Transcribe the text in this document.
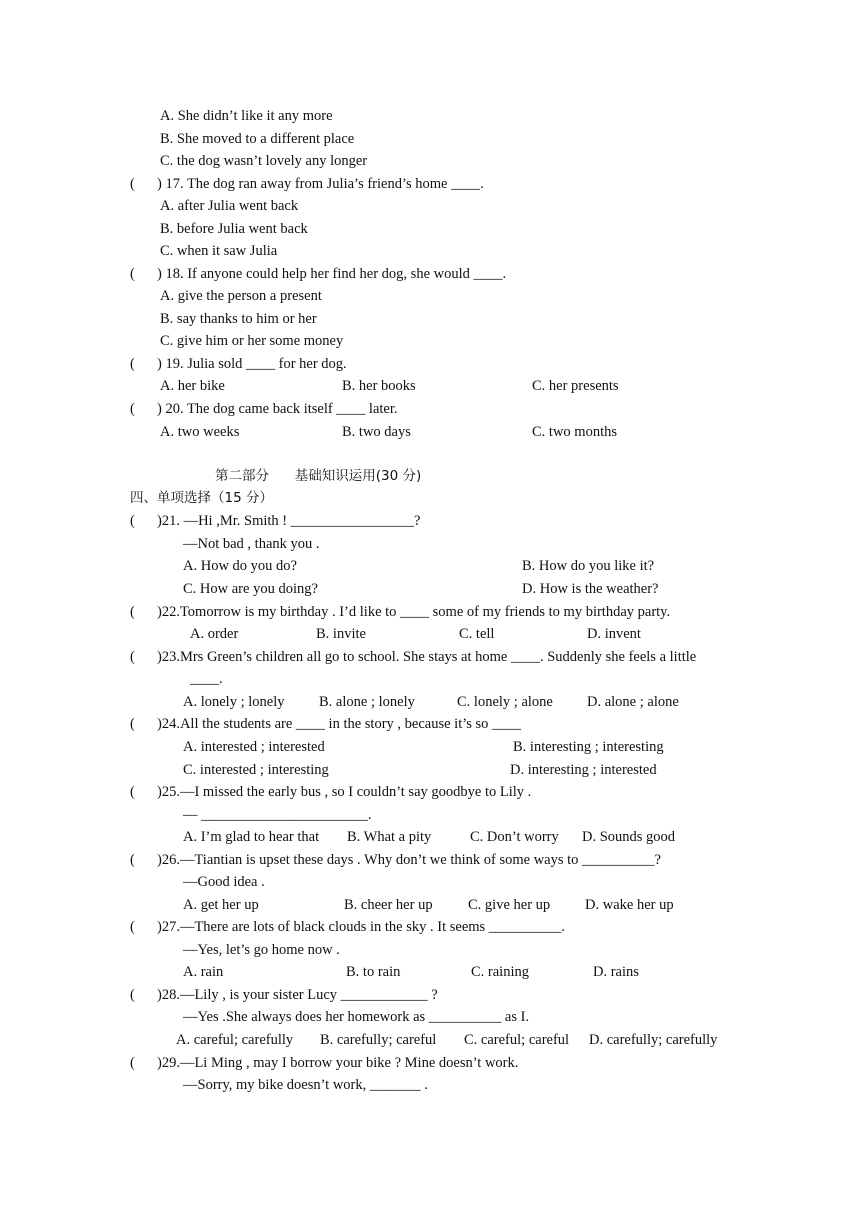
A. She didn’t like it any more
B. She moved to a different place
C. the dog wasn’t lovely any longer
( ) 17. The dog ran away from Julia’s friend’s home ____.
A. after Julia went back
B. before Julia went back
C. when it saw Julia
( ) 18. If anyone could help her find her dog, she would ____.
A. give the person a present
B. say thanks to him or her
C. give him or her some money
( ) 19. Julia sold ____ for her dog.
A. her bike	B. her books	C. her presents
( ) 20. The dog came back itself ____ later.
A. two weeks	B. two days	C. two months
第二部分      基础知识运用(30 分)
四、单项选择（15 分）
( )21. —Hi ,Mr. Smith ! _________________?
—Not bad , thank you .
A. How do you do?	B. How do you like it?
C. How are you doing?	D. How is the weather?
( )22.Tomorrow is my birthday . I’d like to ____ some of my friends to my birthday party.
A. order	B. invite	C. tell	D. invent
( )23.Mrs Green’s children all go to school. She stays at home ____. Suddenly she feels a little
____.
A. lonely ; lonely B. alone ; lonely	C. lonely ; alone D. alone ; alone
( )24.All the students are ____ in the story , because it’s so ____
A. interested ; interested	B. interesting ; interesting
C. interested ; interesting	D. interesting ; interested
( )25.—I missed the early bus , so I couldn’t say goodbye to Lily .
— _______________________.
A. I’m glad to hear that B. What a pity	C. Don’t worry D. Sounds good
( )26.—Tiantian is upset these days . Why don’t we think of some ways to __________?
—Good idea .
A. get her up	B. cheer her up C. give her up D. wake her up
( )27.—There are lots of black clouds in the sky . It seems __________.
—Yes, let’s go home now .
A. rain	B. to rain	C. raining	D. rains
( )28.—Lily , is your sister Lucy ____________ ?
—Yes .She always does her homework as __________ as I.
A. careful; carefully B. carefully; careful C. careful; careful D. carefully; carefully
( )29.—Li Ming , may I borrow your bike ? Mine doesn’t work.
—Sorry, my bike doesn’t work, _______ .
